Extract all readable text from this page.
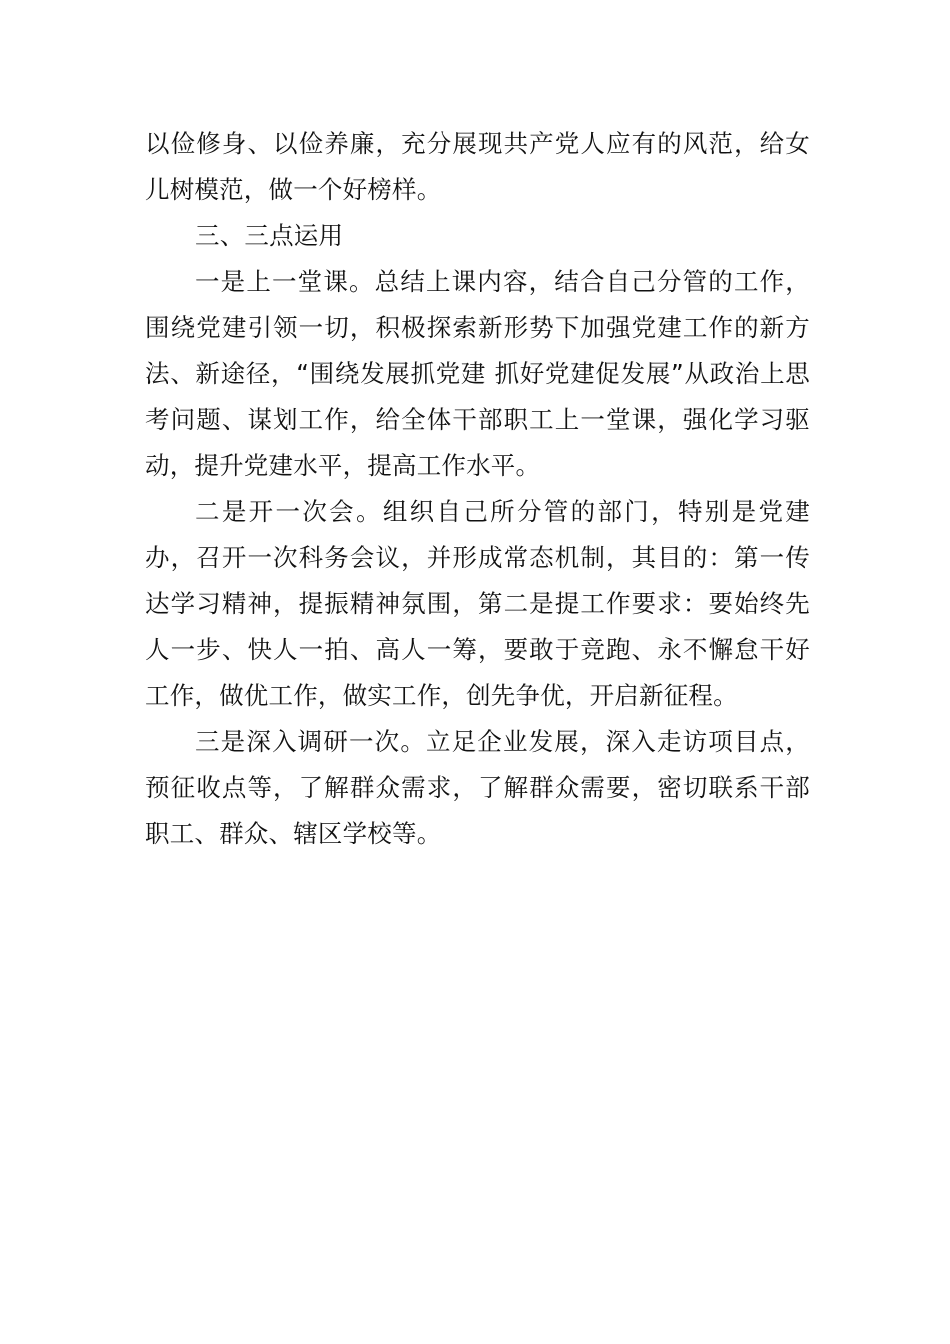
以俭修身、以俭养廉，充分展现共产党人应有的风范，给女儿树模范，做一个好榜样。

三、三点运用

一是上一堂课。总结上课内容，结合自己分管的工作，围绕党建引领一切，积极探索新形势下加强党建工作的新方法、新途径，“围绕发展抓党建 抓好党建促发展”从政治上思考问题、谋划工作，给全体干部职工上一堂课，强化学习驱动，提升党建水平，提高工作水平。

二是开一次会。组织自己所分管的部门，特别是党建办，召开一次科务会议，并形成常态机制，其目的：第一传达学习精神，提振精神氛围，第二是提工作要求：要始终先人一步、快人一拍、高人一筹，要敢于竞跑、永不懈怠干好工作，做优工作，做实工作，创先争优，开启新征程。

三是深入调研一次。立足企业发展，深入走访项目点，预征收点等，了解群众需求，了解群众需要，密切联系干部职工、群众、辖区学校等。
